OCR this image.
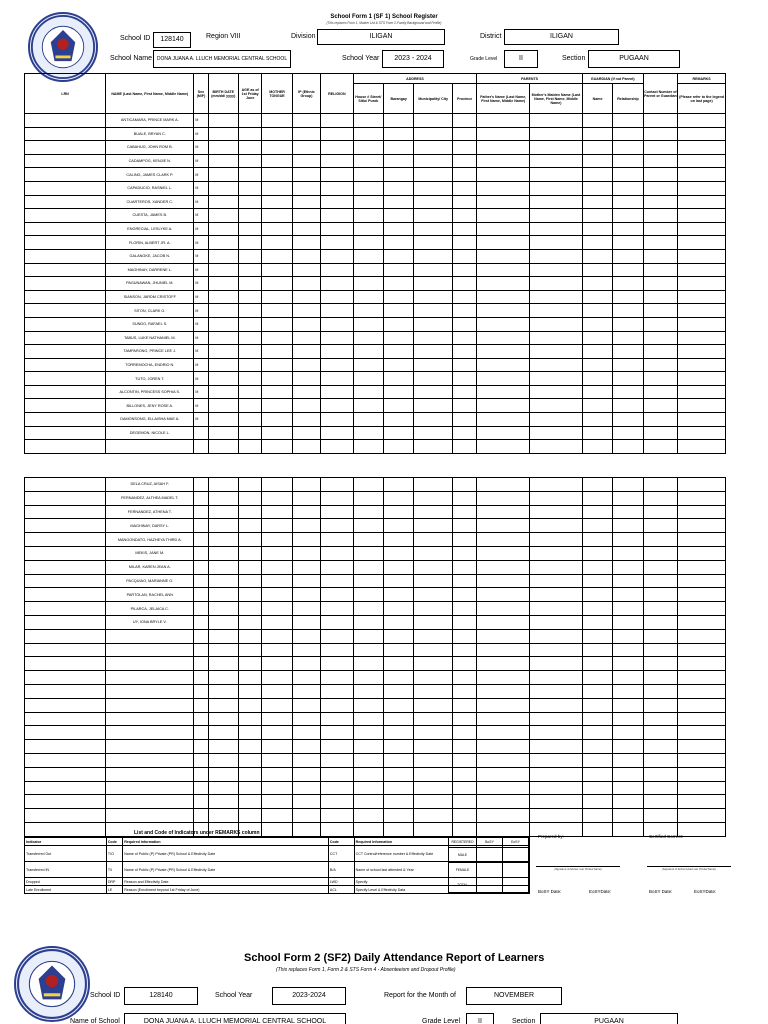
School Form 1 (SF 1) School Register
(This replaces Form 1, Master List & STS Form 2-Family Background and Profile)
School ID	128140	Region VIII	Division	ILIGAN	District	ILIGAN
School Name DONA JUANA A. LLUCH MEMORIAL CENTRAL SCHOOL	School Year	2023 - 2024	Grade Level	II	Section	PUGAAN
LRN	NAME (Last Name, First Name, Middle Name)	Sex (M/F)	BIRTH DATE (mm/dd/ yyyy)	AGE as of 1st Friday June	MOTHER TONGUE	IP (Ethnic Group)	RELIGION	ADDRESS				PARENTS		GUARDIAN (If not Parent)		Contact Number of Parent or Guardian	REMARKS
								House # Street/ Sitio/ Purok	Barangay	Municipality/ City	Province	Father's Name (Last Name, First Name, Middle Name)	Mother's Maiden Name (Last Name, First Name, Middle Name)	Name	Relationship		(Please refer to the legend on last page)
	ANTICAMARA, PRINCE MARK A.	M															
	BUALE, BRYAN C.	M															
	CABAHUG, JOHN ROM B.	M															
	CADAMPOG, KENJIE N.	M															
	CALING, JAMES CLARK P.	M															
	CAPADUCIO, RASNIEL L.	M															
	CUARTEROS, XANDER C.	M															
	CUESTA, JAMES B.	M															
	ENGRECIAL, LESLYKE A.	M															
	FLORIN, ALBERT JR. A.	M															
	GALANGKE, JACOB N.	M															
	MAGHINAY, DARRENE L.	M															
	PAGUNAWAN, JHUNIEL M.	M															
	SIANSON, JARDM CRISTOFF	M															
	SITON, CLARK G.	M															
	SUNDO, RAFAEL S.	M															
	TABUS, LUKE NATHANIEL M.	M															
	TAMPARONG, PRINCE LEE J.	M															
	TORREMOCHA, ENDRIO N.	M															
	TUTO, JOREN T.	M															
	ALCONTIN, PRINCESS SOPHIA S.	M															
	BILLONES, JENY ROSE A.	M															
	DAMONSONG, ELLAISHA MAE A.	M															
	DEGEMON, NICOLE L.																

	DELA CRUZ, AISAH F.																
	FERNANDEZ, ALTHEA MADEL T.																
	FERNANDEZ, ATHENA T.																
	MAGHINAY, DARSY L.																
	MANGONDATO, HAZHEYA THIRD A.																
	MEKIS, JANE M.																
	MILAR, KAREN JEAN A.																
	PACQUIAO, MARIANNE G.																
	PARTOLAN, RACHEL ANN																
	PILARCA, JELAICA C.																
	UY, IONA BRYLE V.																

List and Code of Indicators under REMARKS column
Indicator	Code	Required Information	Code	Required Information
Transferred Out	T/O	Name of Public (P) Private (PR) School & Effectivity Date	CCT	CCT Control/reference number & Effectivity Date
Transferred IN	T/I	Name of Public (P) Private (PR) School & Effectivity Date	B/A	Name of school last attended & Year
Dropped	DRP	Reason and Effectivity Date	LWD	Specify
Late Enrollment	LE	Reason (Enrollment beyond 1st Friday of June)	ACL	Specify Level & Effectivity Data
REGISTERED	BoSY	EoSY
MALE		
FEMALE		
TOTAL		
Prepared by:	Certified Correct:
(Signature of Adviser over Printed Name)	(Signature of School Head over Printed Name)
BoSY Date:	EoSYDate:	BoSY Date:	EoSYDate:
School Form 2 (SF2) Daily Attendance Report of Learners
(This replaces Form 1, Form 2 & STS Form 4 - Absenteeism and Dropout Profile)
School ID	128140	School Year	2023-2024	Report for the Month of	NOVEMBER
Name of School	DONA JUANA A. LLUCH MEMORIAL CENTRAL SCHOOL	Grade Level	II	Section	PUGAAN
